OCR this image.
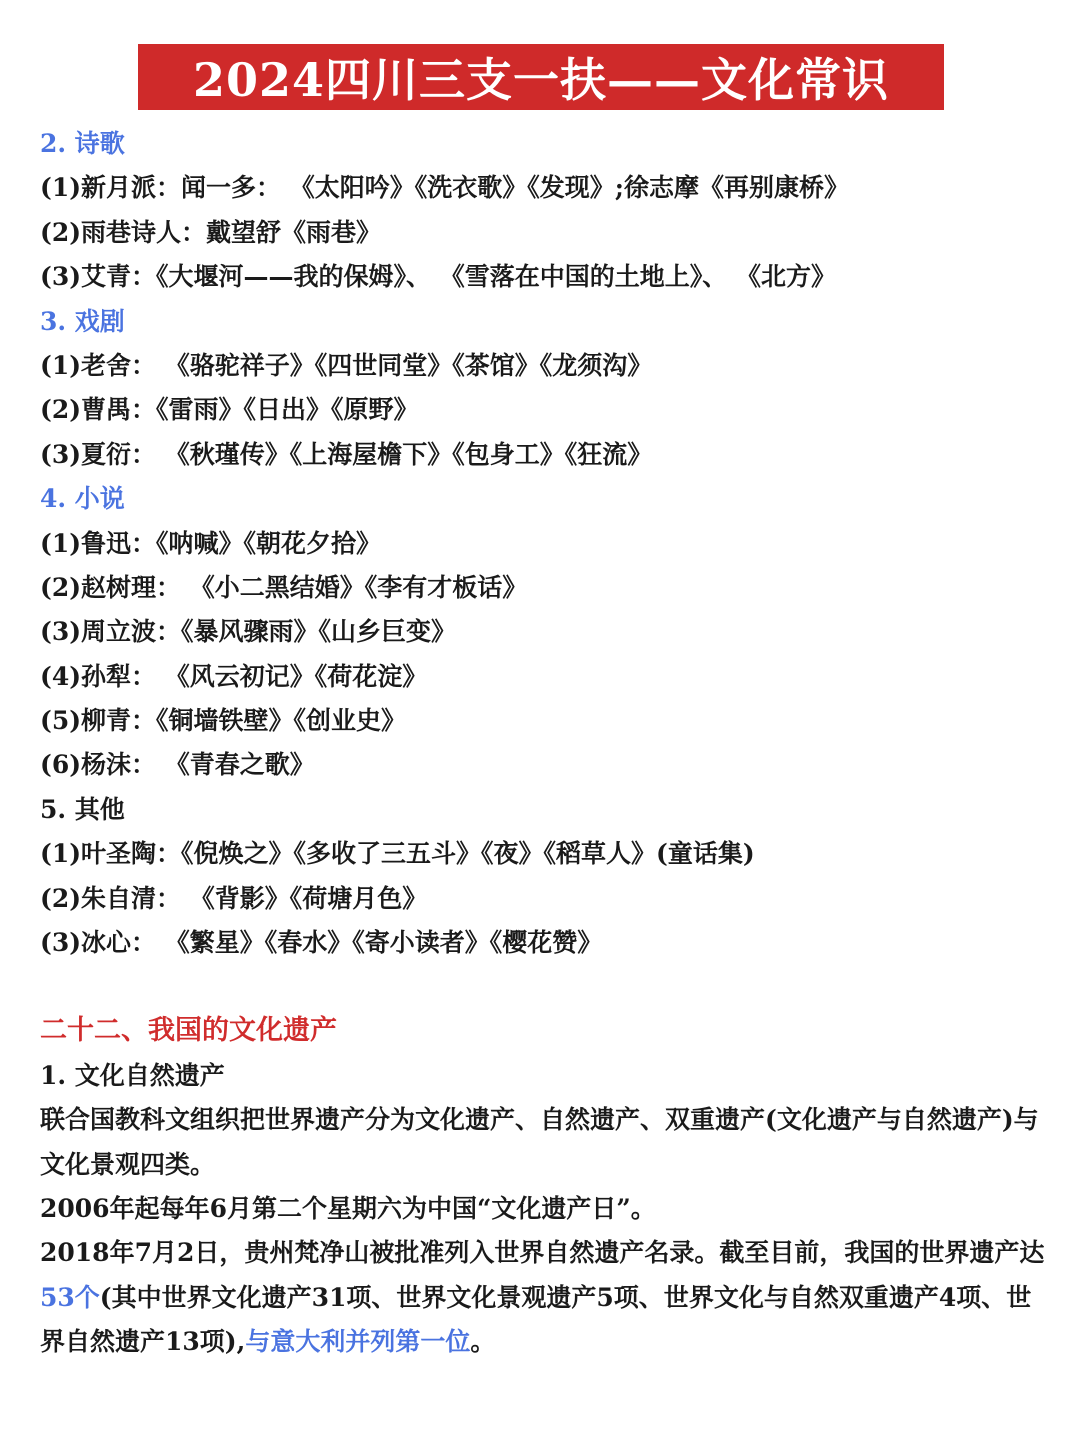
2024四川三支一扶——文化常识
2. 诗歌
(1)新月派：闻一多： 《太阳吟》《洗衣歌》《发现》;徐志摩《再别康桥》
(2)雨巷诗人：戴望舒《雨巷》
(3)艾青：《大堰河——我的保姆》、 《雪落在中国的土地上》、 《北方》
3. 戏剧
(1)老舍： 《骆驼祥子》《四世同堂》《茶馆》《龙须沟》
(2)曹禺：《雷雨》《日出》《原野》
(3)夏衍： 《秋瑾传》《上海屋檐下》《包身工》《狂流》
4. 小说
(1)鲁迅：《呐喊》《朝花夕拾》
(2)赵树理： 《小二黑结婚》《李有才板话》
(3)周立波：《暴风骤雨》《山乡巨变》
(4)孙犁： 《风云初记》《荷花淀》
(5)柳青：《铜墙铁壁》《创业史》
(6)杨沫： 《青春之歌》
5. 其他
(1)叶圣陶：《倪焕之》《多收了三五斗》《夜》《稻草人》(童话集)
(2)朱自清： 《背影》《荷塘月色》
(3)冰心： 《繁星》《春水》《寄小读者》《樱花赞》
二十二、我国的文化遗产
1. 文化自然遗产
联合国教科文组织把世界遗产分为文化遗产、自然遗产、双重遗产(文化遗产与自然遗产)与文化景观四类。
2006年起每年6月第二个星期六为中国“文化遗产日”。
2018年7月2日，贵州梵净山被批准列入世界自然遗产名录。截至目前，我国的世界遗产达53个(其中世界文化遗产31项、世界文化景观遗产5项、世界文化与自然双重遗产4项、世界自然遗产13项),与意大利并列第一位。
